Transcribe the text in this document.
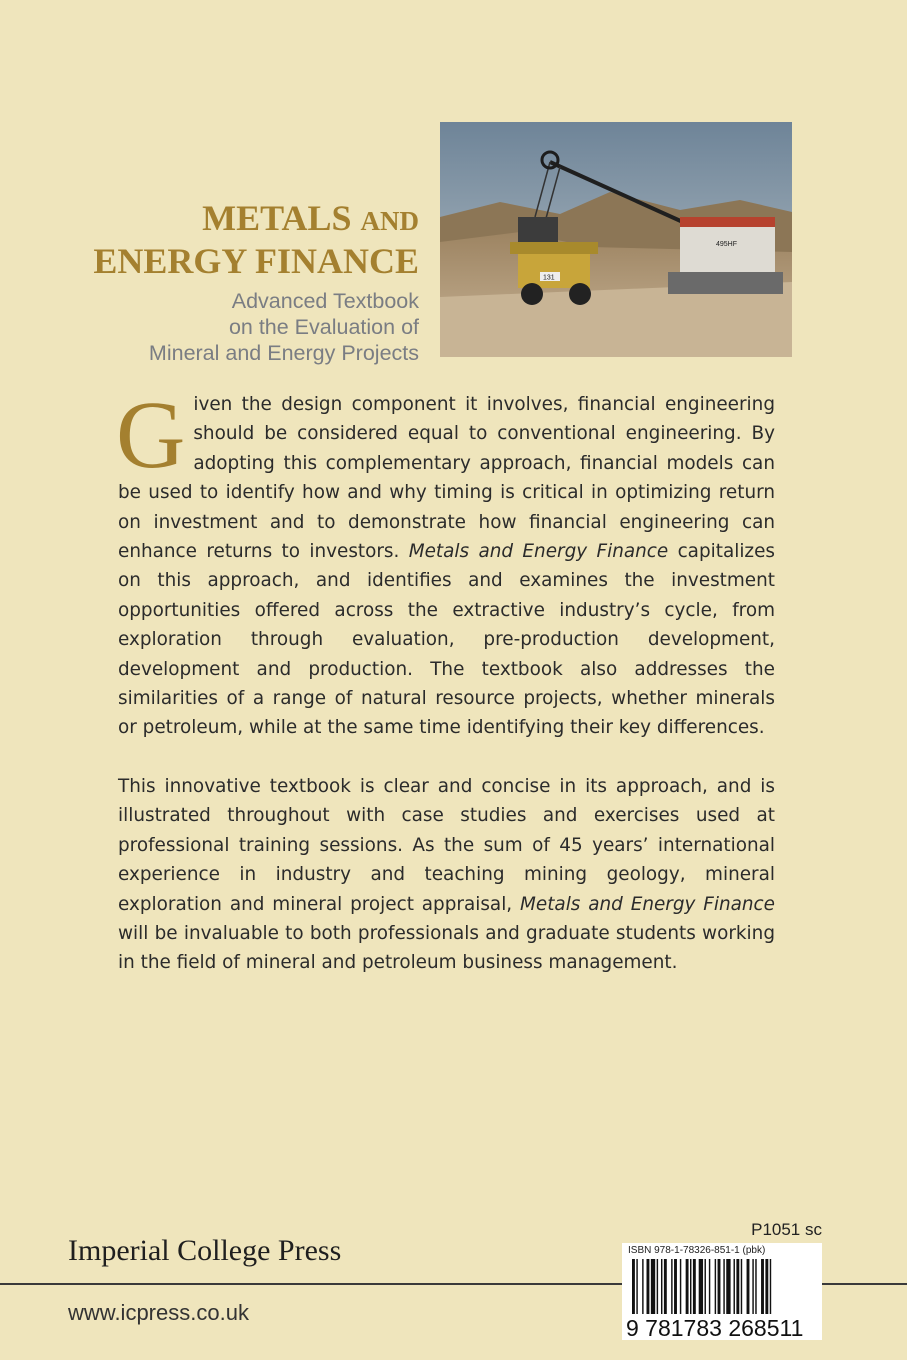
METALS AND
ENERGY FINANCE
Advanced Textbook
on the Evaluation of
Mineral and Energy Projects
495HF
131

Given the design component it involves, financial engineering should be considered equal to conventional engineering. By adopting this complementary approach, financial models can be used to identify how and why timing is critical in optimizing return on investment and to demonstrate how financial engineering can enhance returns to investors. Metals and Energy Finance capitalizes on this approach, and identifies and examines the investment opportunities offered across the extractive industry’s cycle, from exploration through evaluation, pre-production development, development and production. The textbook also addresses the similarities of a range of natural resource projects, whether minerals or petroleum, while at the same time identifying their key differences.

This innovative textbook is clear and concise in its approach, and is illustrated throughout with case studies and exercises used at professional training sessions. As the sum of 45 years’ international experience in industry and teaching mining geology, mineral exploration and mineral project appraisal, Metals and Energy Finance will be invaluable to both professionals and graduate students working in the field of mineral and petroleum business management.

P1051 sc
Imperial College Press
www.icpress.co.uk
ISBN 978-1-78326-851-1 (pbk)
9 781783 268511
